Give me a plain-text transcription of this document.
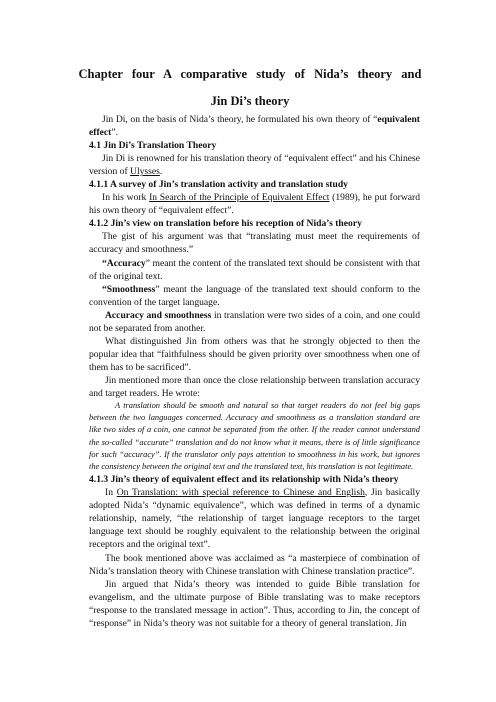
Chapter four A comparative study of Nida’s theory and
Jin Di’s theory

Jin Di, on the basis of Nida’s theory, he formulated his own theory of “equivalent effect”.

4.1 Jin Di’s Translation Theory

Jin Di is renowned for his translation theory of “equivalent effect” and his Chinese version of Ulysses.

4.1.1 A survey of Jin’s translation activity and translation study

In his work In Search of the Principle of Equivalent Effect (1989), he put forward his own theory of “equivalent effect”.

4.1.2 Jin’s view on translation before his reception of Nida’s theory

The gist of his argument was that “translating must meet the requirements of accuracy and smoothness.”

“Accuracy” meant the content of the translated text should be consistent with that of the original text.

“Smoothness” meant the language of the translated text should conform to the convention of the target language.

Accuracy and smoothness in translation were two sides of a coin, and one could not be separated from another.

What distinguished Jin from others was that he strongly objected to then the popular idea that “faithfulness should be given priority over smoothness when one of them has to be sacrificed”.

Jin mentioned more than once the close relationship between translation accuracy and target readers. He wrote:

A translation should be smooth and natural so that target readers do not feel big gaps between the two languages concerned. Accuracy and smoothness as a translation standard are like two sides of a coin, one cannot be separated from the other. If the reader cannot understand the so-called “accurate” translation and do not know what it means, there is of little significance for such “accuracy”. If the translator only pays attention to smoothness in his work, but ignores the consistency between the original text and the translated text, his translation is not legitimate.

4.1.3 Jin’s theory of equivalent effect and its relationship with Nida’s theory

In On Translation: with special reference to Chinese and English, Jin basically adopted Nida’s “dynamic equivalence”, which was defined in terms of a dynamic relationship, namely, “the relationship of target language receptors to the target language text should be roughly equivalent to the relationship between the original receptors and the original text”.

The book mentioned above was acclaimed as “a masterpiece of combination of Nida’s translation theory with Chinese translation with Chinese translation practice”.

Jin argued that Nida’s theory was intended to guide Bible translation for evangelism, and the ultimate purpose of Bible translating was to make receptors “response to the translated message in action”. Thus, according to Jin, the concept of “response” in Nida’s theory was not suitable for a theory of general translation. Jin
